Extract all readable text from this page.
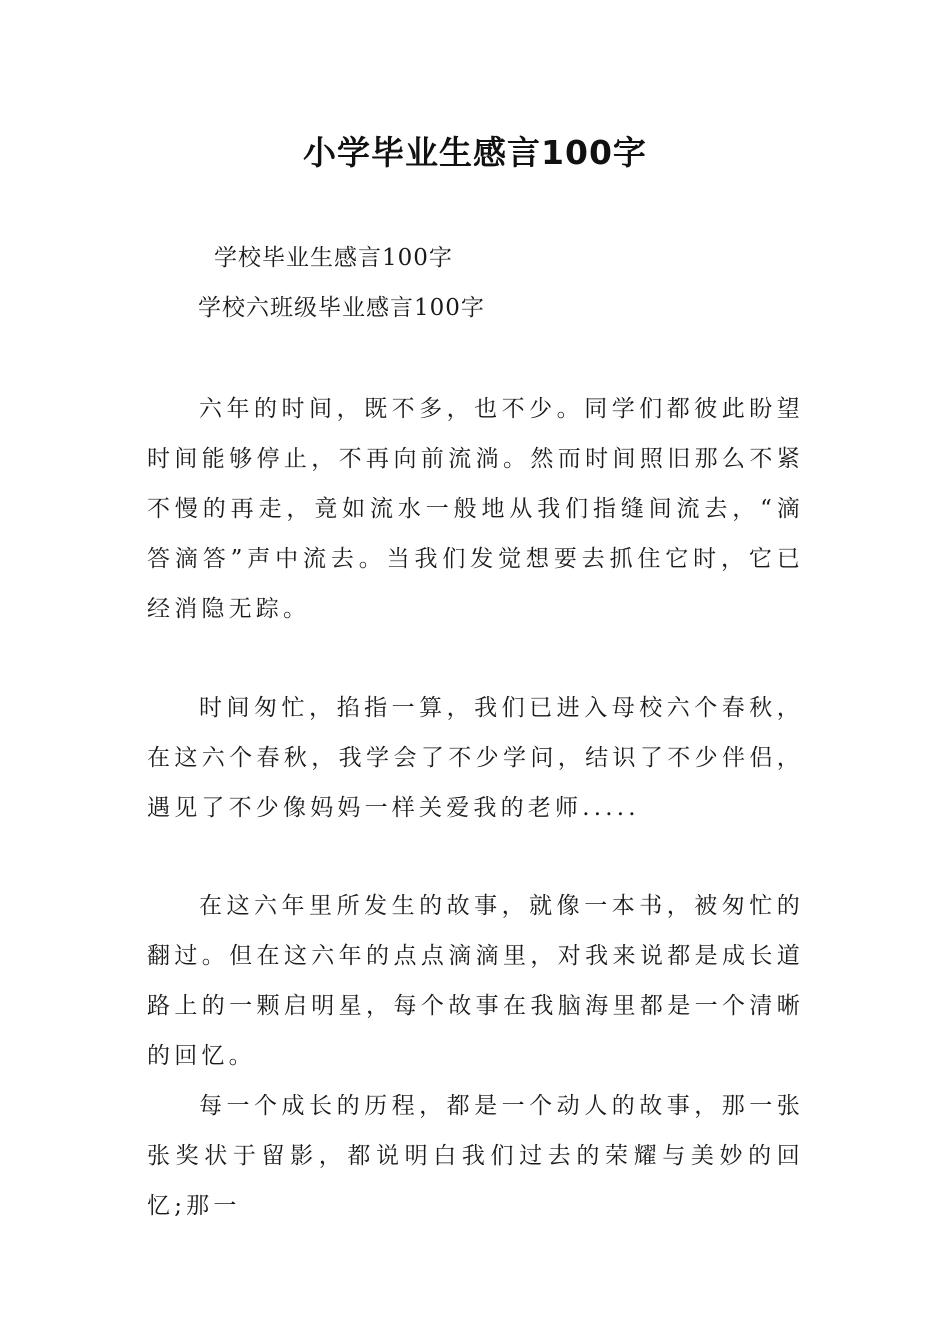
小学毕业生感言100字
学校毕业生感言100字
学校六班级毕业感言100字

六年的时间，既不多，也不少。同学们都彼此盼望时间能够停止，不再向前流淌。然而时间照旧那么不紧不慢的再走，竟如流水一般地从我们指缝间流去，“滴答滴答”声中流去。当我们发觉想要去抓住它时，它已经消隐无踪。

时间匆忙，掐指一算，我们已进入母校六个春秋，在这六个春秋，我学会了不少学问，结识了不少伴侣，遇见了不少像妈妈一样关爱我的老师.....

在这六年里所发生的故事，就像一本书，被匆忙的翻过。但在这六年的点点滴滴里，对我来说都是成长道路上的一颗启明星，每个故事在我脑海里都是一个清晰的回忆。

每一个成长的历程，都是一个动人的故事，那一张张奖状于留影，都说明白我们过去的荣耀与美妙的回忆;那一
